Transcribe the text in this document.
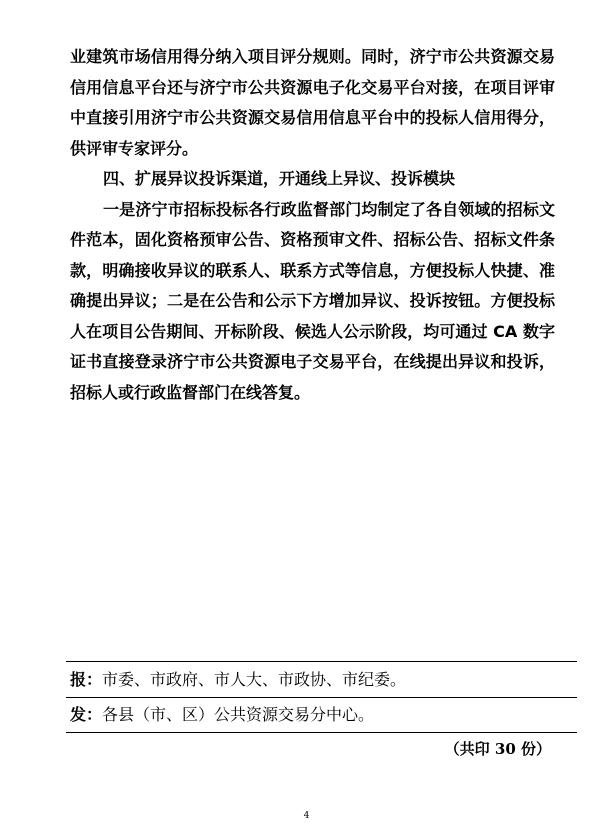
业建筑市场信用得分纳入项目评分规则。同时，济宁市公共资源交易信用信息平台还与济宁市公共资源电子化交易平台对接，在项目评审中直接引用济宁市公共资源交易信用信息平台中的投标人信用得分，供评审专家评分。

四、扩展异议投诉渠道，开通线上异议、投诉模块

一是济宁市招标投标各行政监督部门均制定了各自领域的招标文件范本，固化资格预审公告、资格预审文件、招标公告、招标文件条款，明确接收异议的联系人、联系方式等信息，方便投标人快捷、准确提出异议；二是在公告和公示下方增加异议、投诉按钮。方便投标人在项目公告期间、开标阶段、候选人公示阶段，均可通过 CA 数字证书直接登录济宁市公共资源电子交易平台，在线提出异议和投诉，招标人或行政监督部门在线答复。

报：市委、市政府、市人大、市政协、市纪委。
发：各县（市、区）公共资源交易分中心。
（共印 30 份）
4
